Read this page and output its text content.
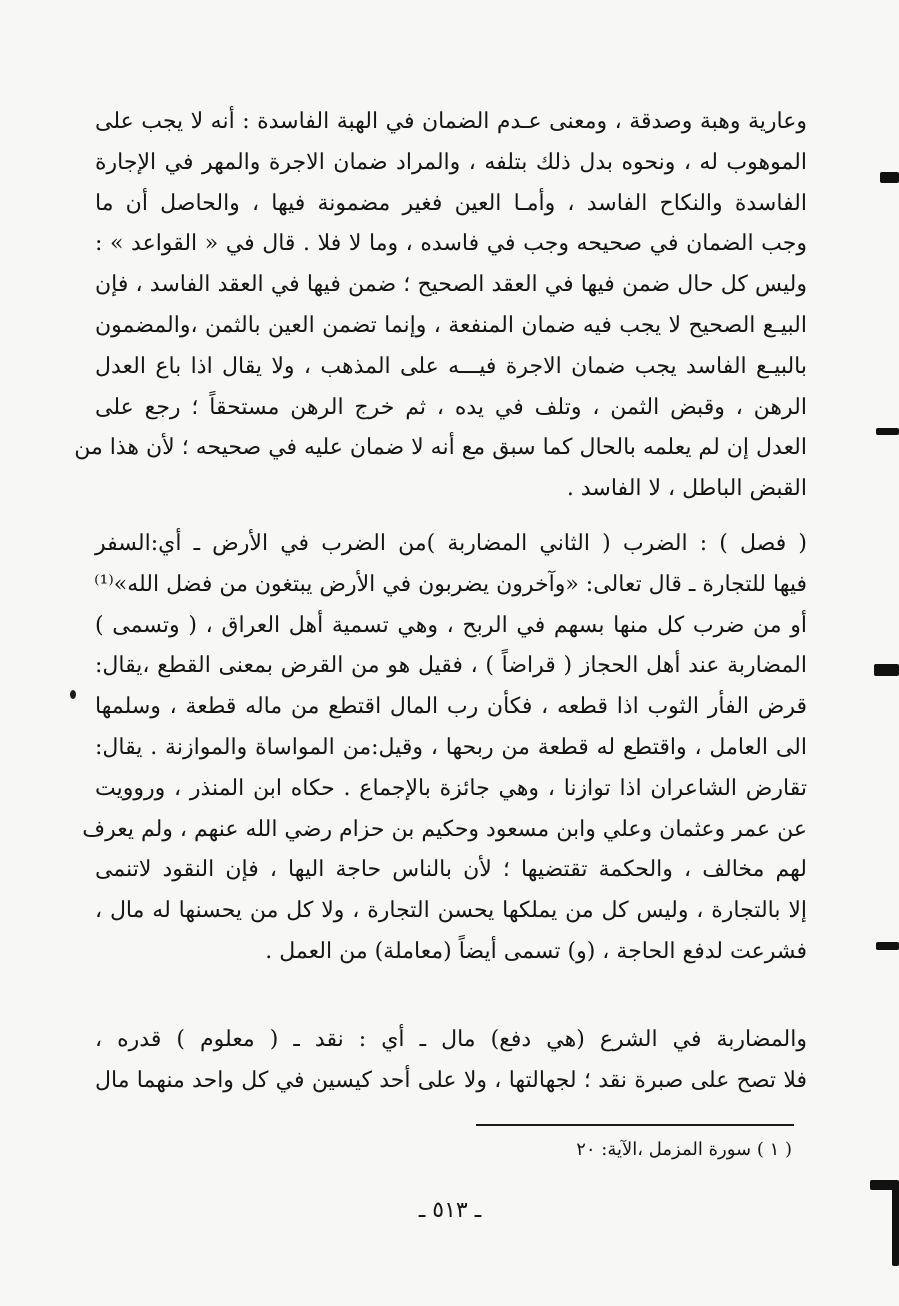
وعارية وهبة وصدقة ، ومعنى عـدم الضمان في الهبة الفاسدة : أنه لا يجب على
الموهوب له ، ونحوه بدل ذلك بتلفه ، والمراد ضمان الاجرة والمهر في الإجارة
الفاسدة والنكاح الفاسد ، وأمـا العين فغير مضمونة فيها ، والحاصل أن ما
وجب الضمان في صحيحه وجب في فاسده ، وما لا فلا . قال في « القواعد » :
وليس كل حال ضمن فيها في العقد الصحيح ؛ ضمن فيها في العقد الفاسد ، فإن
البيـع الصحيح لا يجب فيه ضمان المنفعة ، وإنما تضمن العين بالثمن ،والمضمون
بالبيـع الفاسد يجب ضمان الاجرة فيـــه على المذهب ، ولا يقال اذا باع العدل
الرهن ، وقبض الثمن ، وتلف في يده ، ثم خرج الرهن مستحقاً ؛ رجع على
العدل إن لم يعلمه بالحال كما سبق مع أنه لا ضمان عليه في صحيحه ؛ لأن هذا من
القبض الباطل ، لا الفاسد .
( فصل ) : الضرب ( الثاني المضاربة )من الضرب في الأرض ـ أي:السفر
فيها للتجارة ـ قال تعالى: «وآخرون يضربون في الأرض يبتغون من فضل الله»⁽¹⁾
أو من ضرب كل منها بسهم في الربح ، وهي تسمية أهل العراق ، ( وتسمى )
المضاربة عند أهل الحجاز ( قراضاً ) ، فقيل هو من القرض بمعنى القطع ،يقال:
قرض الفأر الثوب اذا قطعه ، فكأن رب المال اقتطع من ماله قطعة ، وسلمها
الى العامل ، واقتطع له قطعة من ربحها ، وقيل:من المواساة والموازنة . يقال:
تقارض الشاعران اذا توازنا ، وهي جائزة بالإجماع . حكاه ابن المنذر ، وروويت
عن عمر وعثمان وعلي وابن مسعود وحكيم بن حزام رضي الله عنهم ، ولم يعرف
لهم مخالف ، والحكمة تقتضيها ؛ لأن بالناس حاجة اليها ، فإن النقود لاتنمى
إلا بالتجارة ، وليس كل من يملكها يحسن التجارة ، ولا كل من يحسنها له مال ،
فشرعت لدفع الحاجة ، (و) تسمى أيضاً (معاملة) من العمل .
والمضاربة في الشرع (هي دفع) مال ـ أي : نقد ـ ( معلوم ) قدره ،
فلا تصح على صبرة نقد ؛ لجهالتها ، ولا على أحد كيسين في كل واحد منهما مال
( ١ ) سورة المزمل ،الآية: ٢٠
ـ ٥١٣ ـ
